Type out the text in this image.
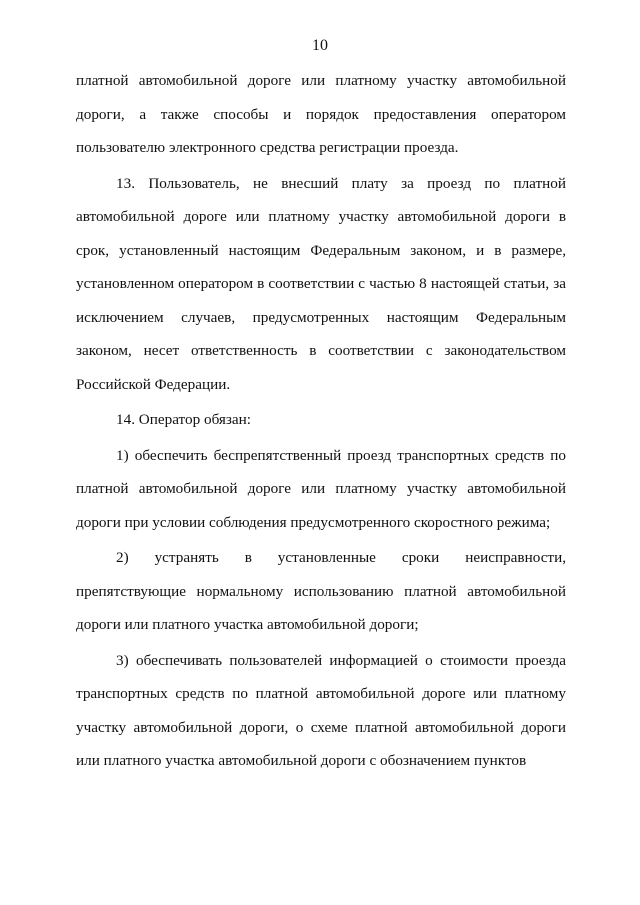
10

платной автомобильной дороге или платному участку автомобильной дороги, а также способы и порядок предоставления оператором пользователю электронного средства регистрации проезда.

13. Пользователь, не внесший плату за проезд по платной автомобильной дороге или платному участку автомобильной дороги в срок, установленный настоящим Федеральным законом, и в размере, установленном оператором в соответствии с частью 8 настоящей статьи, за исключением случаев, предусмотренных настоящим Федеральным законом, несет ответственность в соответствии с законодательством Российской Федерации.

14. Оператор обязан:

1) обеспечить беспрепятственный проезд транспортных средств по платной автомобильной дороге или платному участку автомобильной дороги при условии соблюдения предусмотренного скоростного режима;

2) устранять в установленные сроки неисправности, препятствующие нормальному использованию платной автомобильной дороги или платного участка автомобильной дороги;

3) обеспечивать пользователей информацией о стоимости проезда транспортных средств по платной автомобильной дороге или платному участку автомобильной дороги, о схеме платной автомобильной дороги или платного участка автомобильной дороги с обозначением пунктов
